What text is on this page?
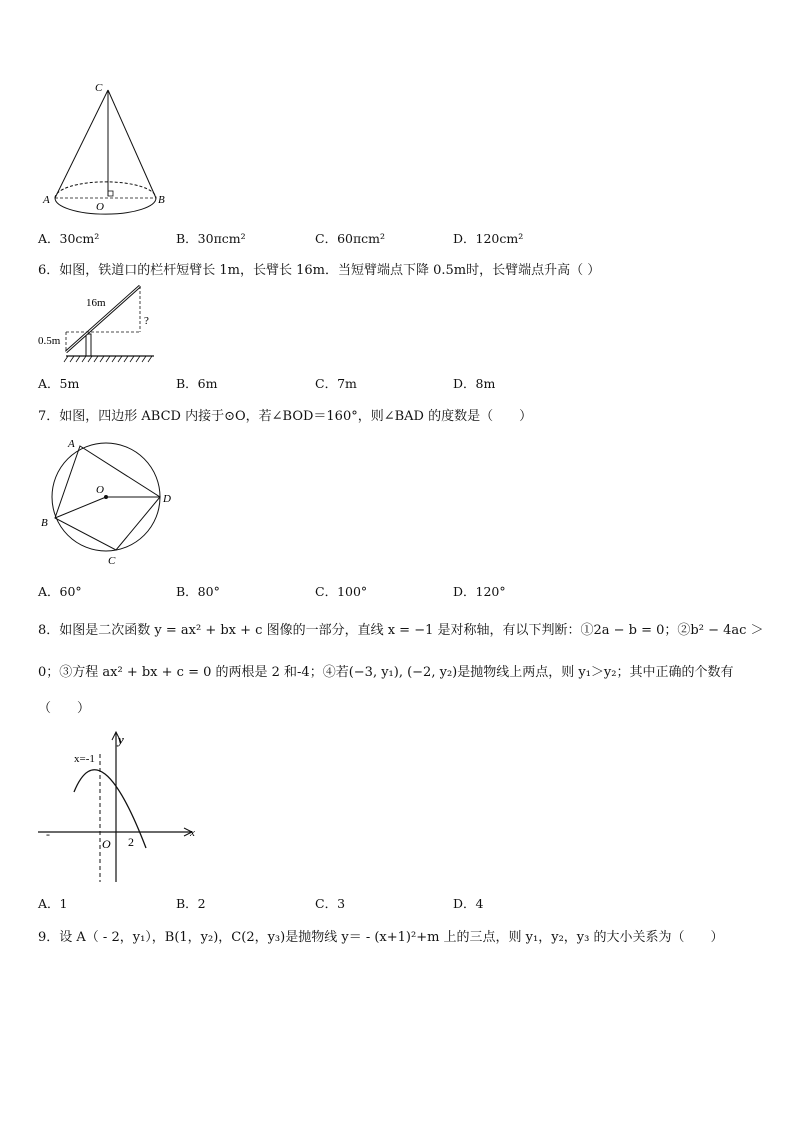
C
A	B
O
A．30cm²	B．30πcm²	C．60πcm²	D．120cm²
6．如图，铁道口的栏杆短臂长 1m，长臂长 16m．当短臂端点下降 0.5m时，长臂端点升高（ ）
16m
0.5m
?
A．5m	B．6m	C．7m	D．8m
7．如图，四边形 ABCD 内接于⊙O，若∠BOD＝160°，则∠BAD 的度数是（　　）
A
B
C
D
O
A．60°	B．80°	C．100°	D．120°
8．如图是二次函数 y = ax² + bx + c 图像的一部分，直线 x = −1 是对称轴，有以下判断：①2a − b = 0；②b² − 4ac ＞
0；③方程 ax² + bx + c = 0 的两根是 2 和-4；④若(−3, y₁), (−2, y₂)是抛物线上两点，则 y₁＞y₂；其中正确的个数有
（　　）
x=-1
y
x
O 2
-
A．1	B．2	C．3	D．4
9．设 A（ - 2，y₁），B(1，y₂)，C(2，y₃)是抛物线 y＝ - (x+1)²+m 上的三点，则 y₁，y₂，y₃ 的大小关系为（　　）
